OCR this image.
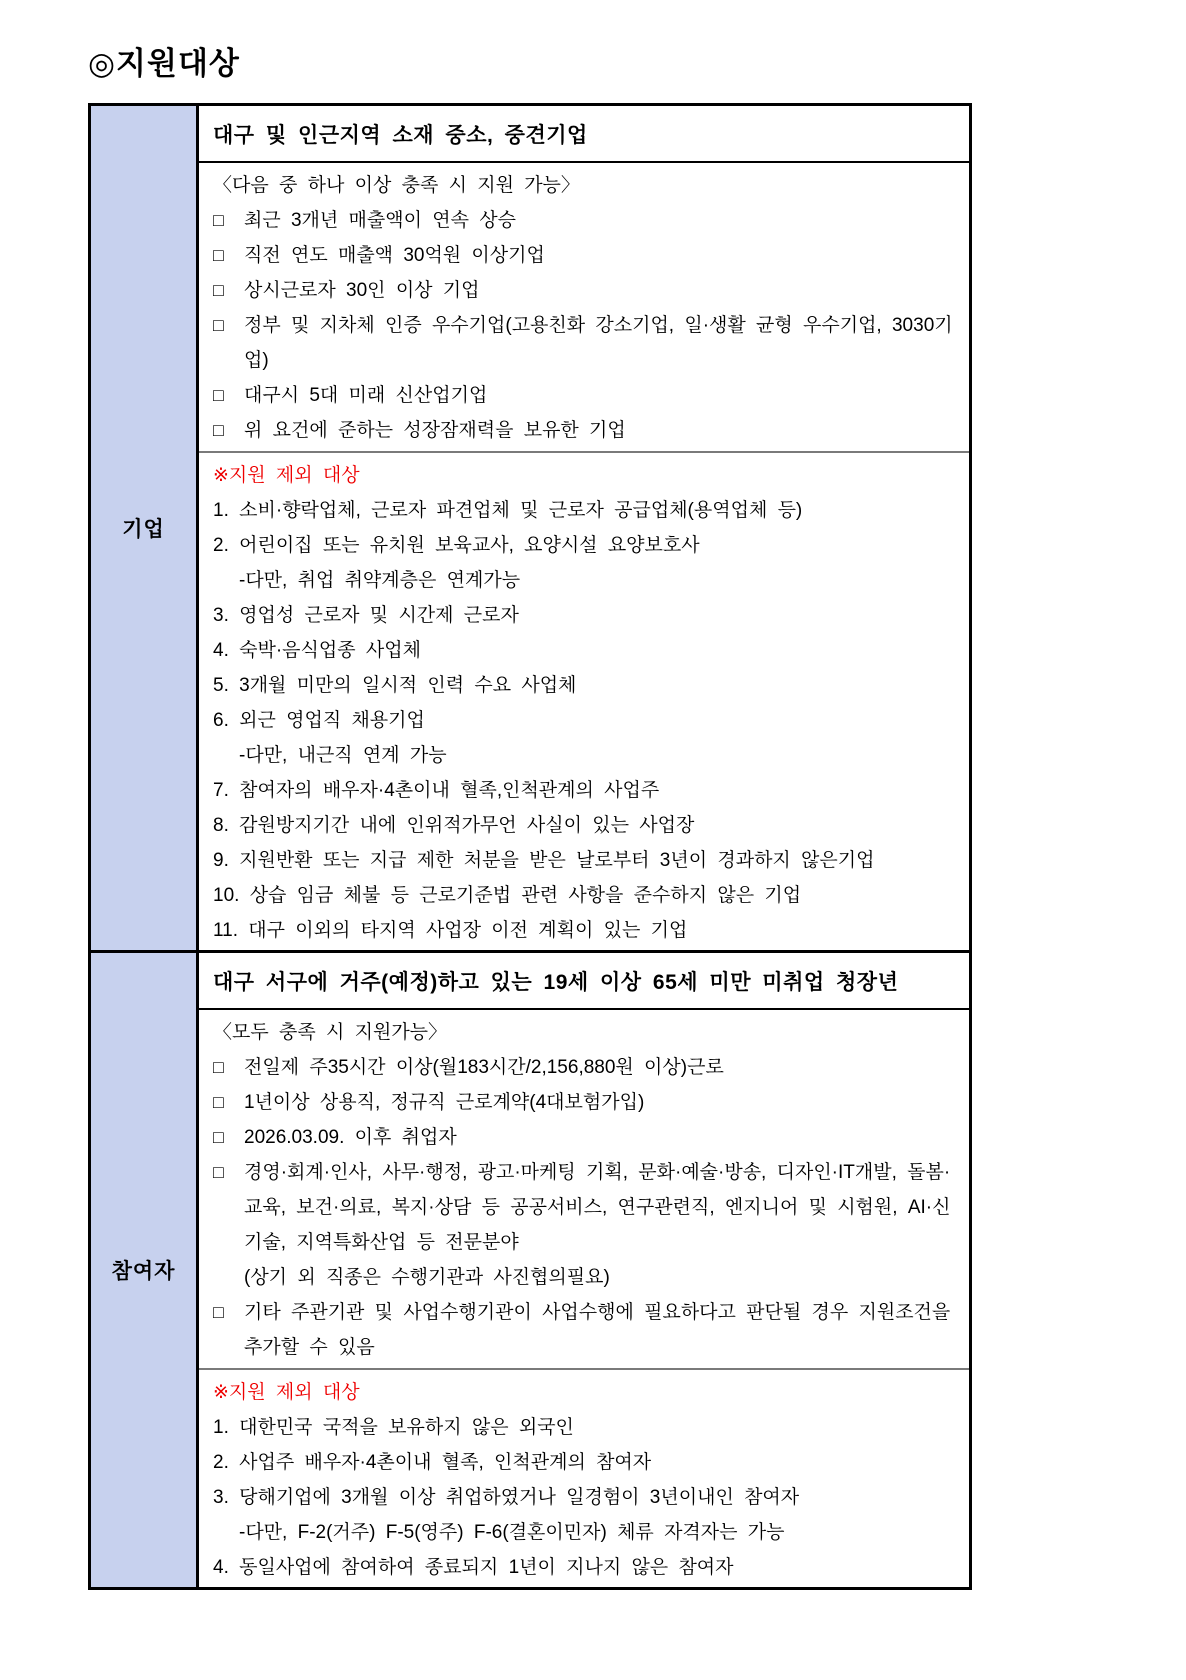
◎지원대상
기업
대구 및 인근지역 소재 중소, 중견기업
〈다음 중 하나 이상 충족 시 지원 가능〉
□	최근 3개년 매출액이 연속 상승
□	직전 연도 매출액 30억원 이상기업
□	상시근로자 30인 이상 기업
□	정부 및 지차체 인증 우수기업(고용친화 강소기업, 일·생활 균형 우수기업, 3030기업)
□	대구시 5대 미래 신산업기업
□	위 요건에 준하는 성장잠재력을 보유한 기업
※지원 제외 대상
1. 소비·향락업체, 근로자 파견업체 및 근로자 공급업체(용역업체 등)
2. 어린이집 또는 유치원 보육교사, 요양시설 요양보호사
-다만, 취업 취약계층은 연계가능
3. 영업성 근로자 및 시간제 근로자
4. 숙박·음식업종 사업체
5. 3개월 미만의 일시적 인력 수요 사업체
6. 외근 영업직 채용기업
-다만, 내근직 연계 가능
7. 참여자의 배우자·4촌이내 혈족,인척관계의 사업주
8. 감원방지기간 내에 인위적가무언 사실이 있는 사업장
9. 지원반환 또는 지급 제한 처분을 받은 날로부터 3년이 경과하지 않은기업
10. 상습 임금 체불 등 근로기준법 관련 사항을 준수하지 않은 기업
11. 대구 이외의 타지역 사업장 이전 계획이 있는 기업
참여자
대구 서구에 거주(예정)하고 있는 19세 이상 65세 미만 미취업 청장년
〈모두 충족 시 지원가능〉
□	전일제 주35시간 이상(월183시간/2,156,880원 이상)근로
□	1년이상 상용직, 정규직 근로계약(4대보험가입)
□	2026.03.09. 이후 취업자
□	경영·회계·인사, 사무·행정, 광고·마케팅 기획, 문화·예술·방송, 디자인·IT개발, 돌봄·교육, 보건·의료, 복지·상담 등 공공서비스, 연구관련직, 엔지니어 및 시험원, AI·신기술, 지역특화산업 등 전문분야
(상기 외 직종은 수행기관과 사진협의필요)
□	기타 주관기관 및 사업수행기관이 사업수행에 필요하다고 판단될 경우 지원조건을 추가할 수 있음
※지원 제외 대상
1. 대한민국 국적을 보유하지 않은 외국인
2. 사업주 배우자·4촌이내 혈족, 인척관계의 참여자
3. 당해기업에 3개월 이상 취업하였거나 일경험이 3년이내인 참여자
-다만, F-2(거주) F-5(영주) F-6(결혼이민자) 체류 자격자는 가능
4. 동일사업에 참여하여 종료되지 1년이 지나지 않은 참여자
